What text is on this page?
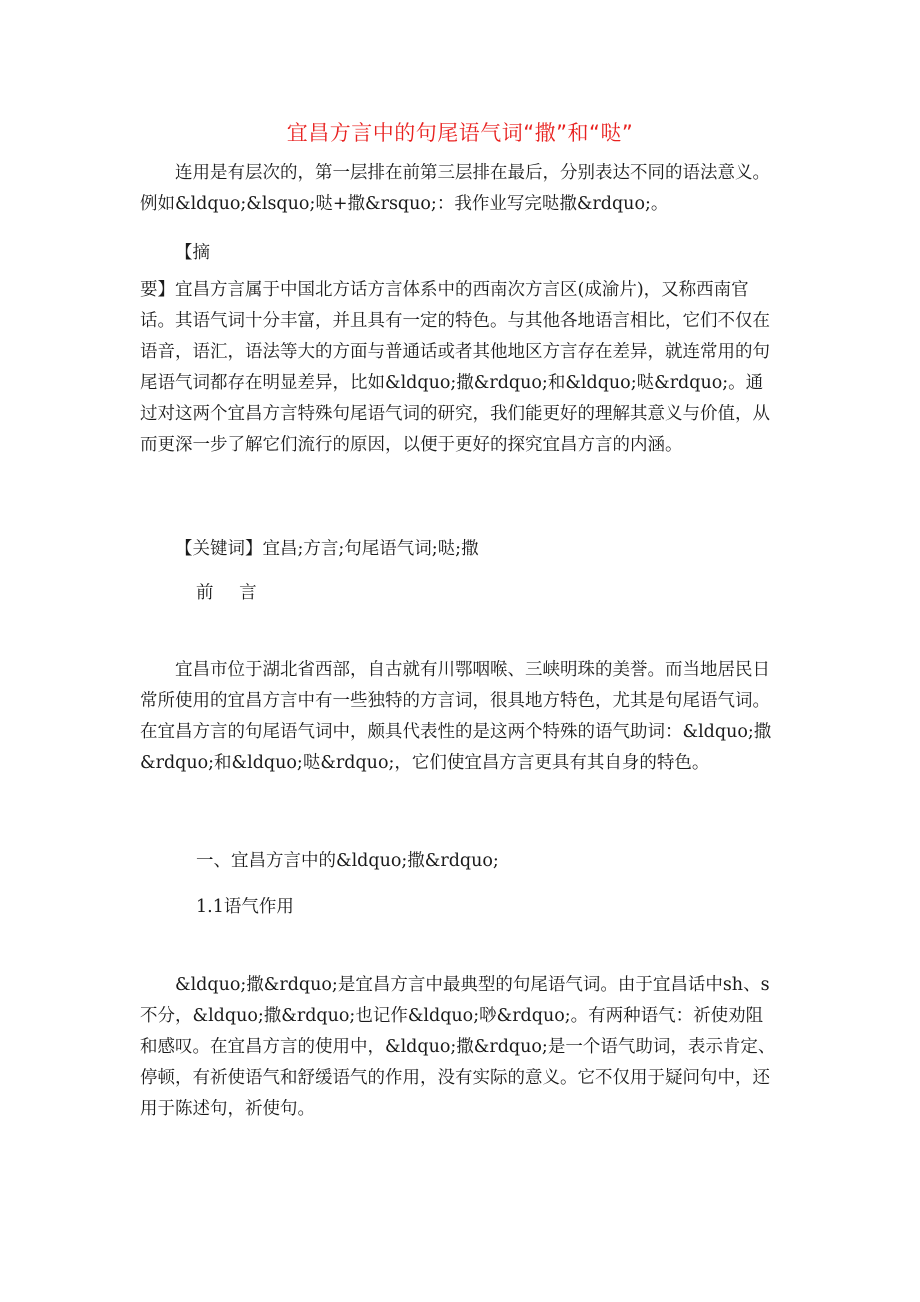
宜昌方言中的句尾语气词“撒”和“哒”

连用是有层次的，第一层排在前第三层排在最后，分别表达不同的语法意义。例如&ldquo;&lsquo;哒+撒&rsquo;：我作业写完哒撒&rdquo;。

【摘

要】宜昌方言属于中国北方话方言体系中的西南次方言区(成渝片)，又称西南官话。其语气词十分丰富，并且具有一定的特色。与其他各地语言相比，它们不仅在语音，语汇，语法等大的方面与普通话或者其他地区方言存在差异，就连常用的句尾语气词都存在明显差异，比如&ldquo;撒&rdquo;和&ldquo;哒&rdquo;。通过对这两个宜昌方言特殊句尾语气词的研究，我们能更好的理解其意义与价值，从而更深一步了解它们流行的原因，以便于更好的探究宜昌方言的内涵。

【关键词】宜昌;方言;句尾语气词;哒;撒
前 言

宜昌市位于湖北省西部，自古就有川鄂咽喉、三峡明珠的美誉。而当地居民日常所使用的宜昌方言中有一些独特的方言词，很具地方特色，尤其是句尾语气词。在宜昌方言的句尾语气词中，颇具代表性的是这两个特殊的语气助词：&ldquo;撒&rdquo;和&ldquo;哒&rdquo;，它们使宜昌方言更具有其自身的特色。

一、宜昌方言中的&ldquo;撒&rdquo;
1.1语气作用

&ldquo;撒&rdquo;是宜昌方言中最典型的句尾语气词。由于宜昌话中sh、s不分，&ldquo;撒&rdquo;也记作&ldquo;唦&rdquo;。有两种语气：祈使劝阻和感叹。在宜昌方言的使用中，&ldquo;撒&rdquo;是一个语气助词，表示肯定、停顿，有祈使语气和舒缓语气的作用，没有实际的意义。它不仅用于疑问句中，还用于陈述句，祈使句。
